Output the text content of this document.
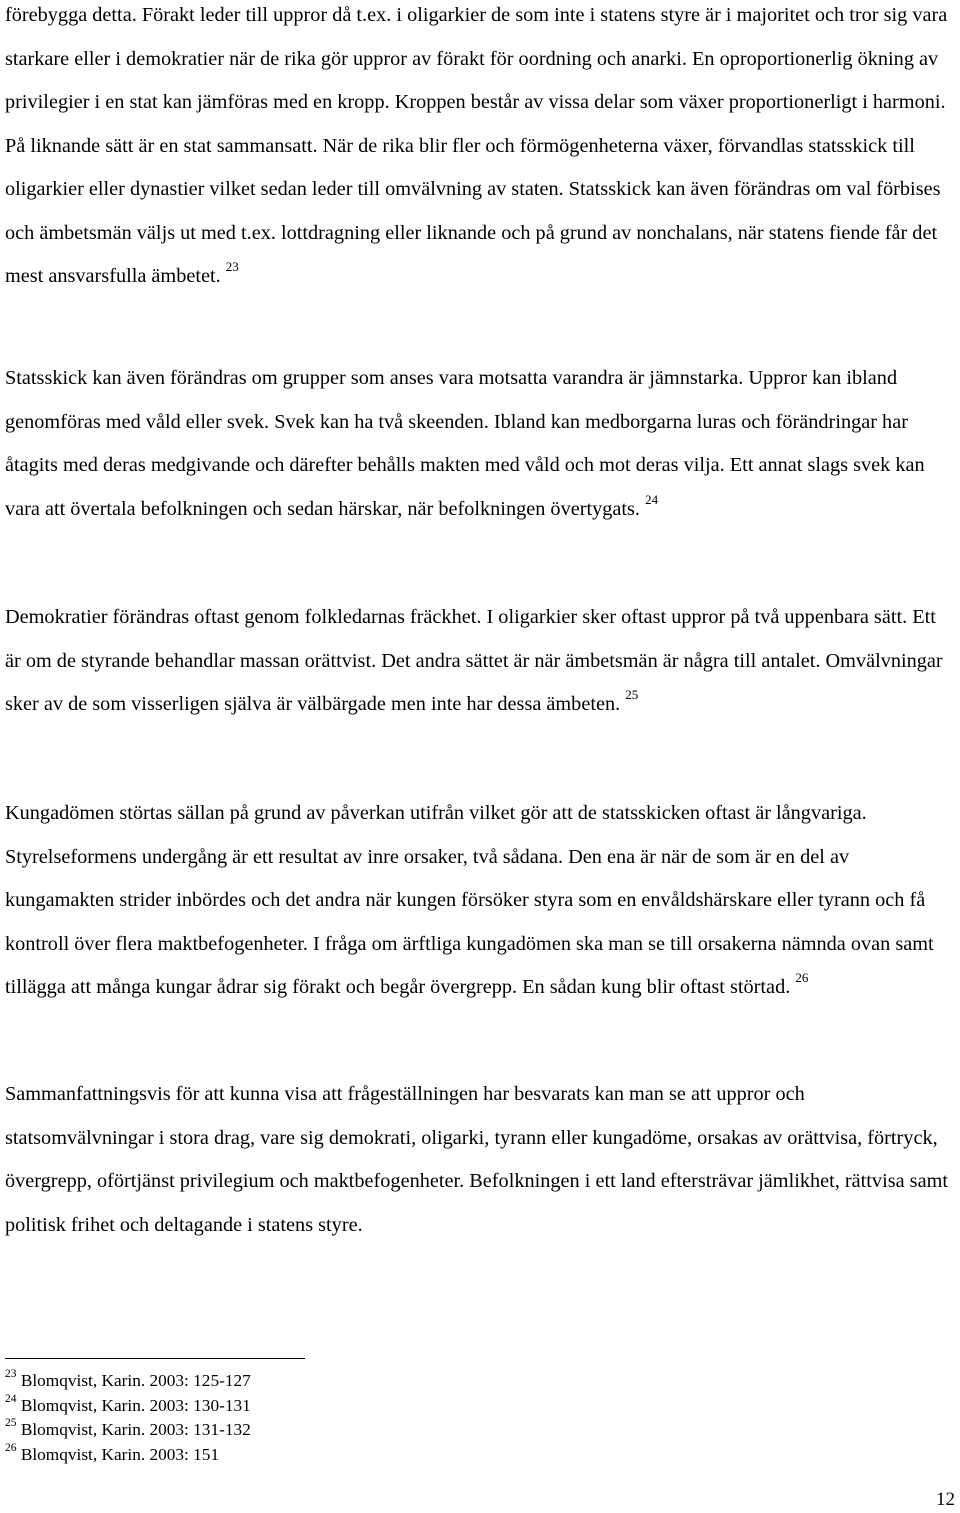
förebygga detta. Förakt leder till uppror då t.ex. i oligarkier de som inte i statens styre är i majoritet och tror sig vara starkare eller i demokratier när de rika gör uppror av förakt för oordning och anarki. En oproportionerlig ökning av privilegier i en stat kan jämföras med en kropp. Kroppen består av vissa delar som växer proportionerligt i harmoni. På liknande sätt är en stat sammansatt. När de rika blir fler och förmögenheterna växer, förvandlas statsskick till oligarkier eller dynastier vilket sedan leder till omvälvning av staten. Statsskick kan även förändras om val förbises och ämbetsmän väljs ut med t.ex. lottdragning eller liknande och på grund av nonchalans, när statens fiende får det mest ansvarsfulla ämbetet. $^{23}$

Statsskick kan även förändras om grupper som anses vara motsatta varandra är jämnstarka. Uppror kan ibland genomföras med våld eller svek. Svek kan ha två skeenden. Ibland kan medborgarna luras och förändringar har åtagits med deras medgivande och därefter behålls makten med våld och mot deras vilja. Ett annat slags svek kan vara att övertala befolkningen och sedan härskar, när befolkningen övertygats. $^{24}$

Demokratier förändras oftast genom folkledarnas fräckhet. I oligarkier sker oftast uppror på två uppenbara sätt. Ett är om de styrande behandlar massan orättvist. Det andra sättet är när ämbetsmän är några till antalet. Omvälvningar sker av de som visserligen själva är välbärgade men inte har dessa ämbeten. $^{25}$

Kungadömen störtas sällan på grund av påverkan utifrån vilket gör att de statsskicken oftast är långvariga. Styrelseformens undergång är ett resultat av inre orsaker, två sådana. Den ena är när de som är en del av kungamakten strider inbördes och det andra när kungen försöker styra som en envåldshärskare eller tyrann och få kontroll över flera maktbefogenheter. I fråga om ärftliga kungadömen ska man se till orsakerna nämnda ovan samt tillägga att många kungar ådrar sig förakt och begår övergrepp. En sådan kung blir oftast störtad. $^{26}$

Sammanfattningsvis för att kunna visa att frågeställningen har besvarats kan man se att uppror och statsomvälvningar i stora drag, vare sig demokrati, oligarki, tyrann eller kungadöme, orsakas av orättvisa, förtryck, övergrepp, oförtjänst privilegium och maktbefogenheter. Befolkningen i ett land eftersträvar jämlikhet, rättvisa samt politisk frihet och deltagande i statens styre.

$^{23}$ Blomqvist, Karin. 2003: 125-127

$^{24}$ Blomqvist, Karin. 2003: 130-131

$^{25}$ Blomqvist, Karin. 2003: 131-132

$^{26}$ Blomqvist, Karin. 2003: 151

12
